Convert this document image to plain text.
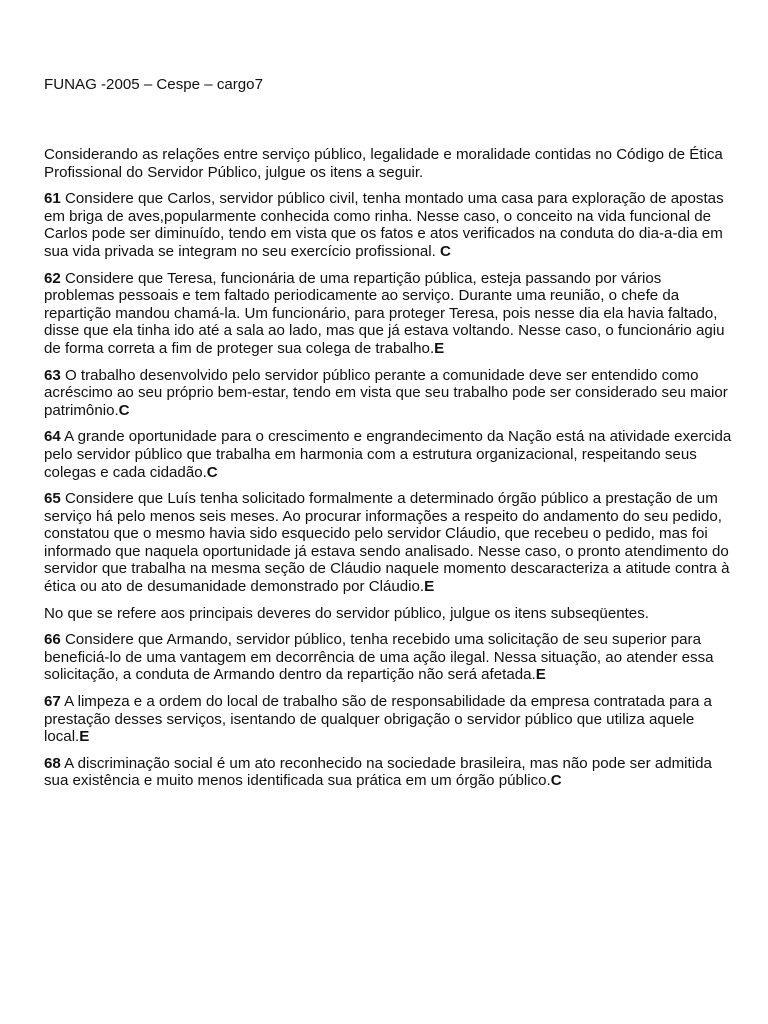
FUNAG -2005 – Cespe – cargo7

Considerando as relações entre serviço público, legalidade e moralidade contidas no Código de Ética Profissional do Servidor Público, julgue os itens a seguir.

61 Considere que Carlos, servidor público civil, tenha montado uma casa para exploração de apostas em briga de aves,popularmente conhecida como rinha. Nesse caso, o conceito na vida funcional de Carlos pode ser diminuído, tendo em vista que os fatos e atos verificados na conduta do dia-a-dia em sua vida privada se integram no seu exercício profissional. C

62 Considere que Teresa, funcionária de uma repartição pública, esteja passando por vários problemas pessoais e tem faltado periodicamente ao serviço. Durante uma reunião, o chefe da repartição mandou chamá-la. Um funcionário, para proteger Teresa, pois nesse dia ela havia faltado, disse que ela tinha ido até a sala ao lado, mas que já estava voltando. Nesse caso, o funcionário agiu de forma correta a fim de proteger sua colega de trabalho.E

63 O trabalho desenvolvido pelo servidor público perante a comunidade deve ser entendido como acréscimo ao seu próprio bem-estar, tendo em vista que seu trabalho pode ser considerado seu maior patrimônio.C

64 A grande oportunidade para o crescimento e engrandecimento da Nação está na atividade exercida pelo servidor público que trabalha em harmonia com a estrutura organizacional, respeitando seus colegas e cada cidadão.C

65 Considere que Luís tenha solicitado formalmente a determinado órgão público a prestação de um serviço há pelo menos seis meses. Ao procurar informações a respeito do andamento do seu pedido, constatou que o mesmo havia sido esquecido pelo servidor Cláudio, que recebeu o pedido, mas foi informado que naquela oportunidade já estava sendo analisado. Nesse caso, o pronto atendimento do servidor que trabalha na mesma seção de Cláudio naquele momento descaracteriza a atitude contra à ética ou ato de desumanidade demonstrado por Cláudio.E

No que se refere aos principais deveres do servidor público, julgue os itens subseqüentes.

66 Considere que Armando, servidor público, tenha recebido uma solicitação de seu superior para beneficiá-lo de uma vantagem em decorrência de uma ação ilegal. Nessa situação, ao atender essa solicitação, a conduta de Armando dentro da repartição não será afetada.E

67 A limpeza e a ordem do local de trabalho são de responsabilidade da empresa contratada para a prestação desses serviços, isentando de qualquer obrigação o servidor público que utiliza aquele local.E

68 A discriminação social é um ato reconhecido na sociedade brasileira, mas não pode ser admitida sua existência e muito menos identificada sua prática em um órgão público.C
